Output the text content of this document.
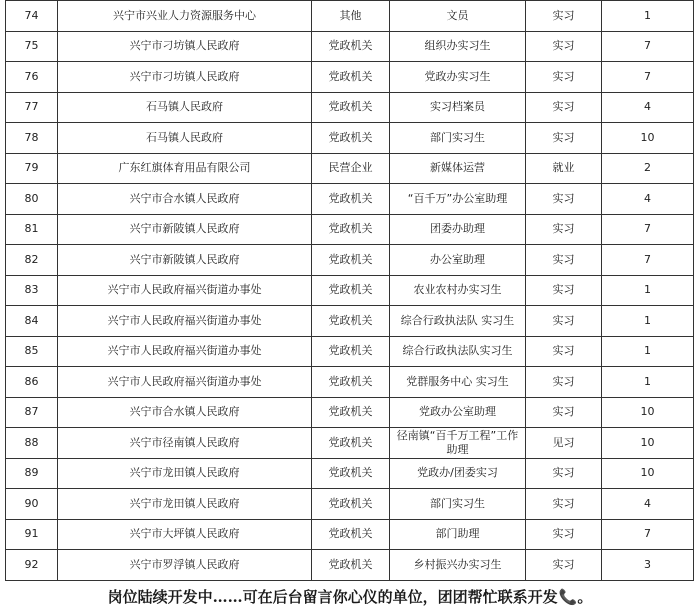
74	兴宁市兴业人力资源服务中心	其他	文员	实习	1
75	兴宁市刁坊镇人民政府	党政机关	组织办实习生	实习	7
76	兴宁市刁坊镇人民政府	党政机关	党政办实习生	实习	7
77	石马镇人民政府	党政机关	实习档案员	实习	4
78	石马镇人民政府	党政机关	部门实习生	实习	10
79	广东红旗体育用品有限公司	民营企业	新媒体运营	就业	2
80	兴宁市合水镇人民政府	党政机关	“百千万”办公室助理	实习	4
81	兴宁市新陂镇人民政府	党政机关	团委办助理	实习	7
82	兴宁市新陂镇人民政府	党政机关	办公室助理	实习	7
83	兴宁市人民政府福兴街道办事处	党政机关	农业农村办实习生	实习	1
84	兴宁市人民政府福兴街道办事处	党政机关	综合行政执法队 实习生	实习	1
85	兴宁市人民政府福兴街道办事处	党政机关	综合行政执法队实习生	实习	1
86	兴宁市人民政府福兴街道办事处	党政机关	党群服务中心 实习生	实习	1
87	兴宁市合水镇人民政府	党政机关	党政办公室助理	实习	10
88	兴宁市径南镇人民政府	党政机关	径南镇“百千万工程”工作助理	见习	10
89	兴宁市龙田镇人民政府	党政机关	党政办/团委实习	实习	10
90	兴宁市龙田镇人民政府	党政机关	部门实习生	实习	4
91	兴宁市大坪镇人民政府	党政机关	部门助理	实习	7
92	兴宁市罗浮镇人民政府	党政机关	乡村振兴办实习生	实习	3
岗位陆续开发中……可在后台留言你心仪的单位，团团帮忙联系开发📞。
